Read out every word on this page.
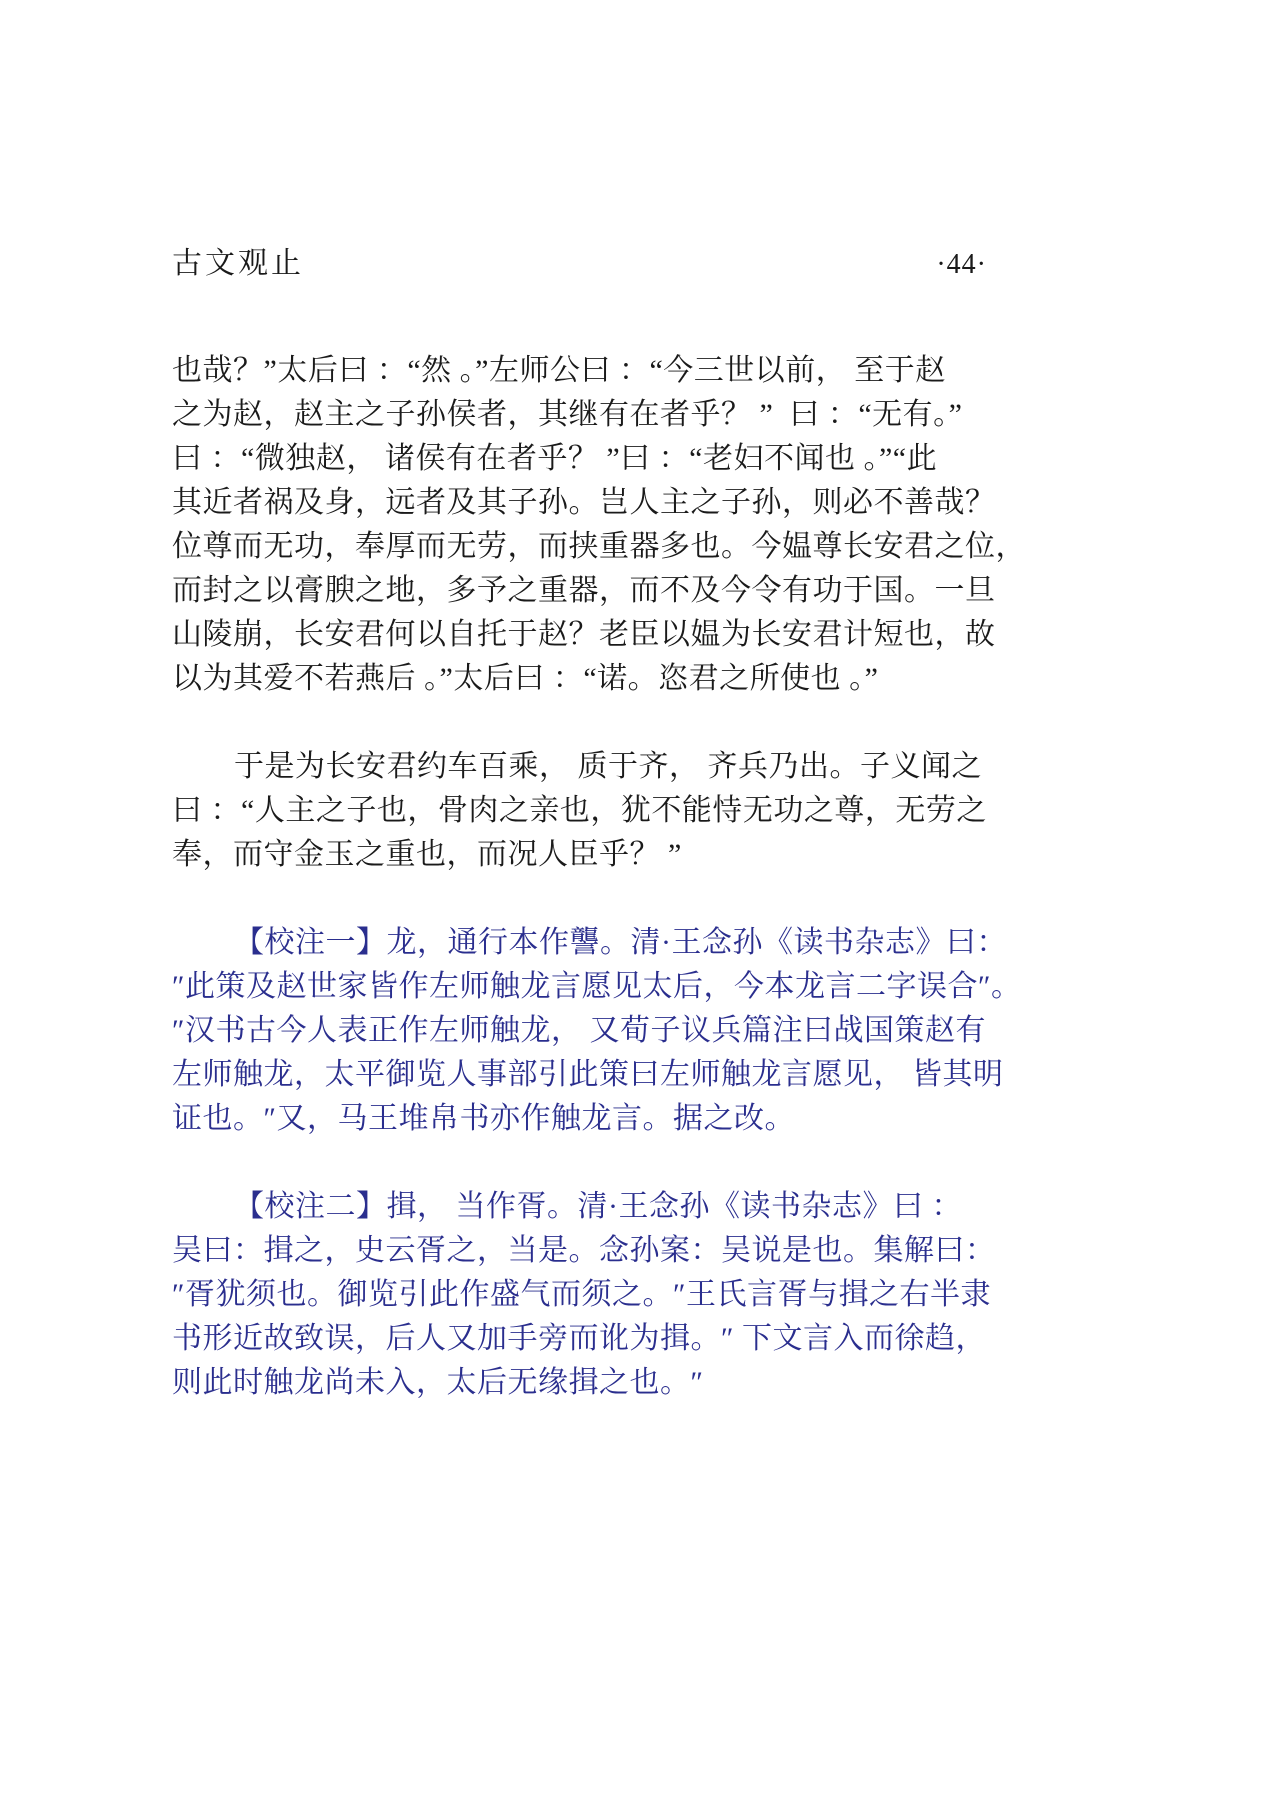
古文观止	·44·
也哉？”太后曰 ：“然 。”左师公曰 ：“今三世以前， 至于赵
之为赵，赵主之子孙侯者，其继有在者乎？ ”  曰 ：“无有。”
曰 ：“微独赵， 诸侯有在者乎？ ”曰 ：“老妇不闻也 。”“此
其近者祸及身，远者及其子孙。岂人主之子孙，则必不善哉？
位尊而无功，奉厚而无劳，而挟重器多也。今媪尊长安君之位，
而封之以膏腴之地，多予之重器，而不及今令有功于国。一旦
山陵崩，长安君何以自托于赵？老臣以媪为长安君计短也，故
以为其爱不若燕后 。”太后曰 ：“诺。恣君之所使也 。”
于是为长安君约车百乘， 质于齐， 齐兵乃出。子义闻之
曰 ：“人主之子也，骨肉之亲也，犹不能恃无功之尊，无劳之
奉，而守金玉之重也，而况人臣乎？ ”
【校注一】龙，通行本作讋。清·王念孙《读书杂志》曰：
″此策及赵世家皆作左师触龙言愿见太后，今本龙言二字误合″。
″汉书古今人表正作左师触龙， 又荀子议兵篇注曰战国策赵有
左师触龙，太平御览人事部引此策曰左师触龙言愿见， 皆其明
证也。″又，马王堆帛书亦作触龙言。据之改。
【校注二】揖， 当作胥。清·王念孙《读书杂志》曰 ：
吴曰：揖之，史云胥之，当是。念孙案：吴说是也。集解曰：
″胥犹须也。御览引此作盛气而须之。″王氏言胥与揖之右半隶
书形近故致误，后人又加手旁而讹为揖。″ 下文言入而徐趋，
则此时触龙尚未入，太后无缘揖之也。″
